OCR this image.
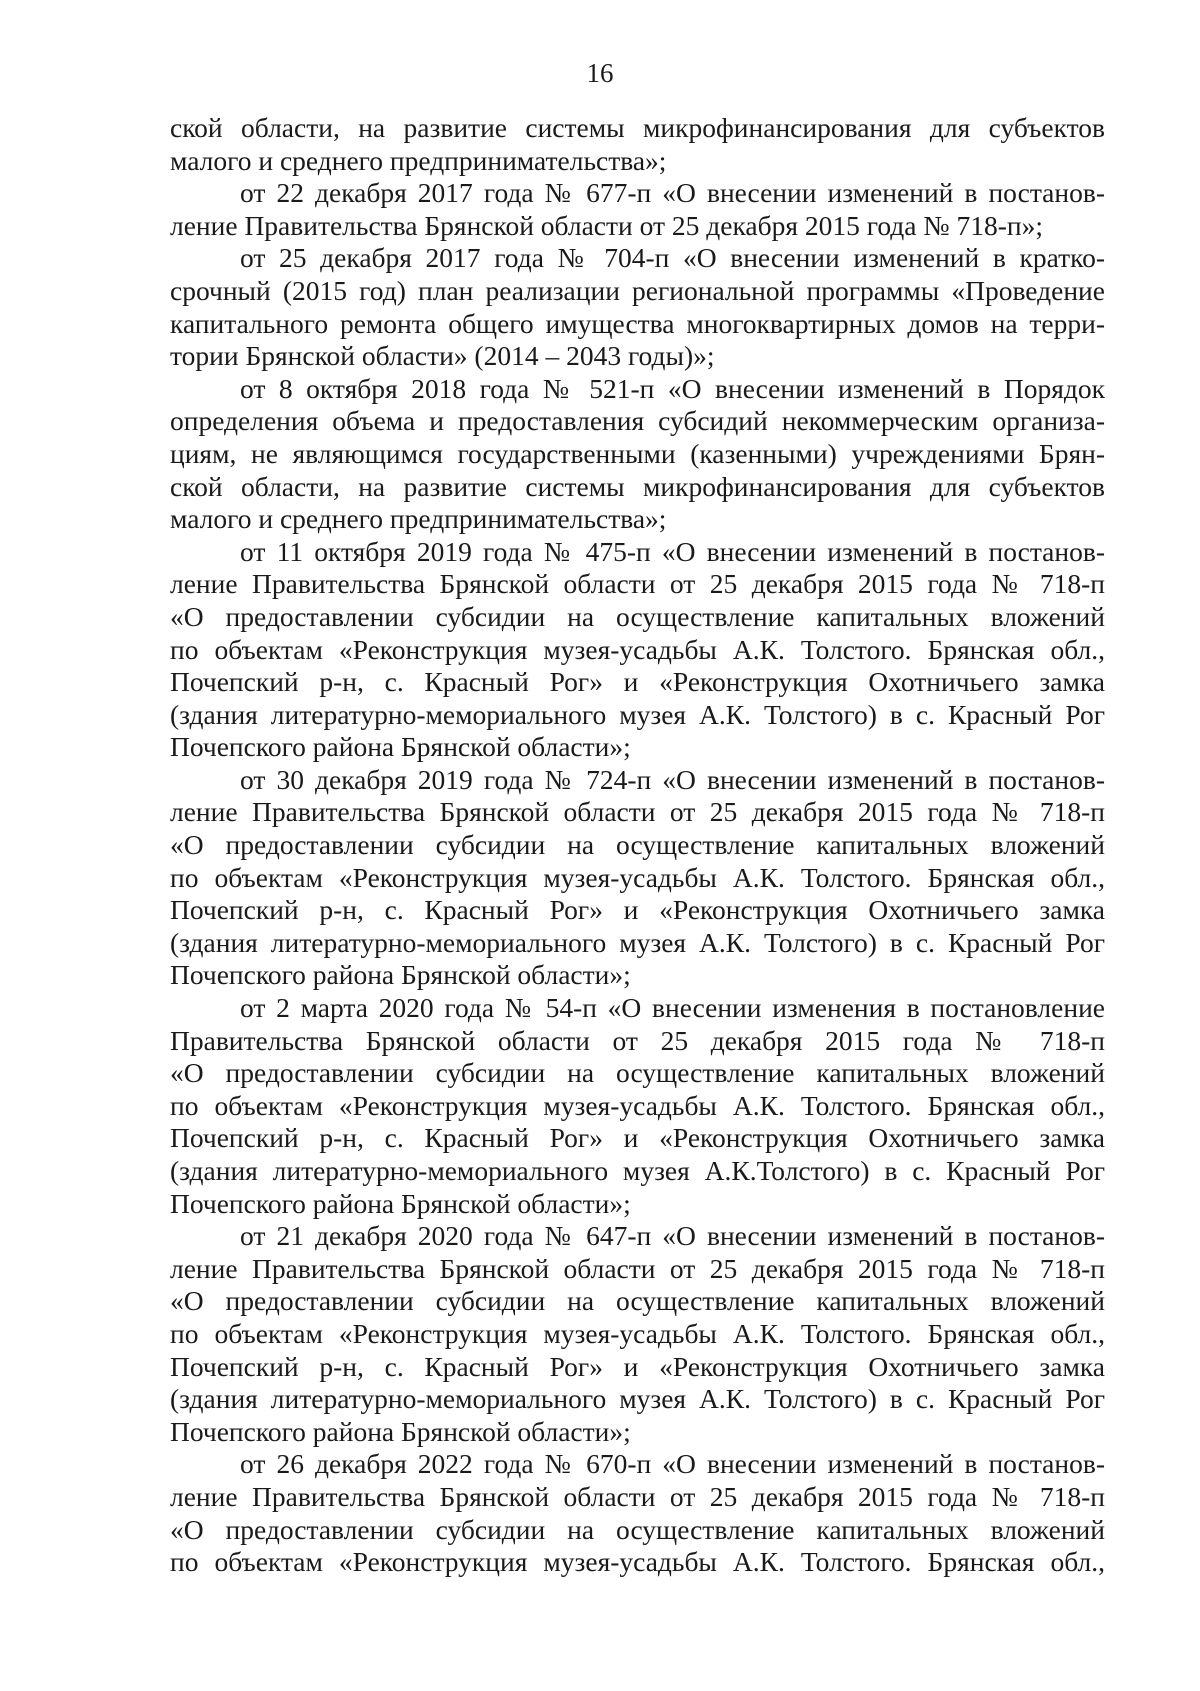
16
ской области, на развитие системы микрофинансирования для субъектов
малого и среднего предпринимательства»;
от 22 декабря 2017 года № 677-п «О внесении изменений в постанов-
ление Правительства Брянской области от 25 декабря 2015 года № 718-п»;
от 25 декабря 2017 года № 704-п «О внесении изменений в кратко-
срочный (2015 год) план реализации региональной программы «Проведение
капитального ремонта общего имущества многоквартирных домов на терри-
тории Брянской области» (2014 – 2043 годы)»;
от 8 октября 2018 года № 521-п «О внесении изменений в Порядок
определения объема и предоставления субсидий некоммерческим организа-
циям, не являющимся государственными (казенными) учреждениями Брян-
ской области, на развитие системы микрофинансирования для субъектов
малого и среднего предпринимательства»;
от 11 октября 2019 года № 475-п «О внесении изменений в постанов-
ление Правительства Брянской области от 25 декабря 2015 года № 718-п
«О предоставлении субсидии на осуществление капитальных вложений
по объектам «Реконструкция музея-усадьбы А.К. Толстого. Брянская обл.,
Почепский р-н, с. Красный Рог» и «Реконструкция Охотничьего замка
(здания литературно-мемориального музея А.К. Толстого) в с. Красный Рог
Почепского района Брянской области»;
от 30 декабря 2019 года № 724-п «О внесении изменений в постанов-
ление Правительства Брянской области от 25 декабря 2015 года № 718-п
«О предоставлении субсидии на осуществление капитальных вложений
по объектам «Реконструкция музея-усадьбы А.К. Толстого. Брянская обл.,
Почепский р-н, с. Красный Рог» и «Реконструкция Охотничьего замка
(здания литературно-мемориального музея А.К. Толстого) в с. Красный Рог
Почепского района Брянской области»;
от 2 марта 2020 года № 54-п «О внесении изменения в постановление
Правительства Брянской области от 25 декабря 2015 года № 718-п
«О предоставлении субсидии на осуществление капитальных вложений
по объектам «Реконструкция музея-усадьбы А.К. Толстого. Брянская обл.,
Почепский р-н, с. Красный Рог» и «Реконструкция Охотничьего замка
(здания литературно-мемориального музея А.К.Толстого) в с. Красный Рог
Почепского района Брянской области»;
от 21 декабря 2020 года № 647-п «О внесении изменений в постанов-
ление Правительства Брянской области от 25 декабря 2015 года № 718-п
«О предоставлении субсидии на осуществление капитальных вложений
по объектам «Реконструкция музея-усадьбы А.К. Толстого. Брянская обл.,
Почепский р-н, с. Красный Рог» и «Реконструкция Охотничьего замка
(здания литературно-мемориального музея А.К. Толстого) в с. Красный Рог
Почепского района Брянской области»;
от 26 декабря 2022 года № 670-п «О внесении изменений в постанов-
ление Правительства Брянской области от 25 декабря 2015 года № 718-п
«О предоставлении субсидии на осуществление капитальных вложений
по объектам «Реконструкция музея-усадьбы А.К. Толстого. Брянская обл.,
